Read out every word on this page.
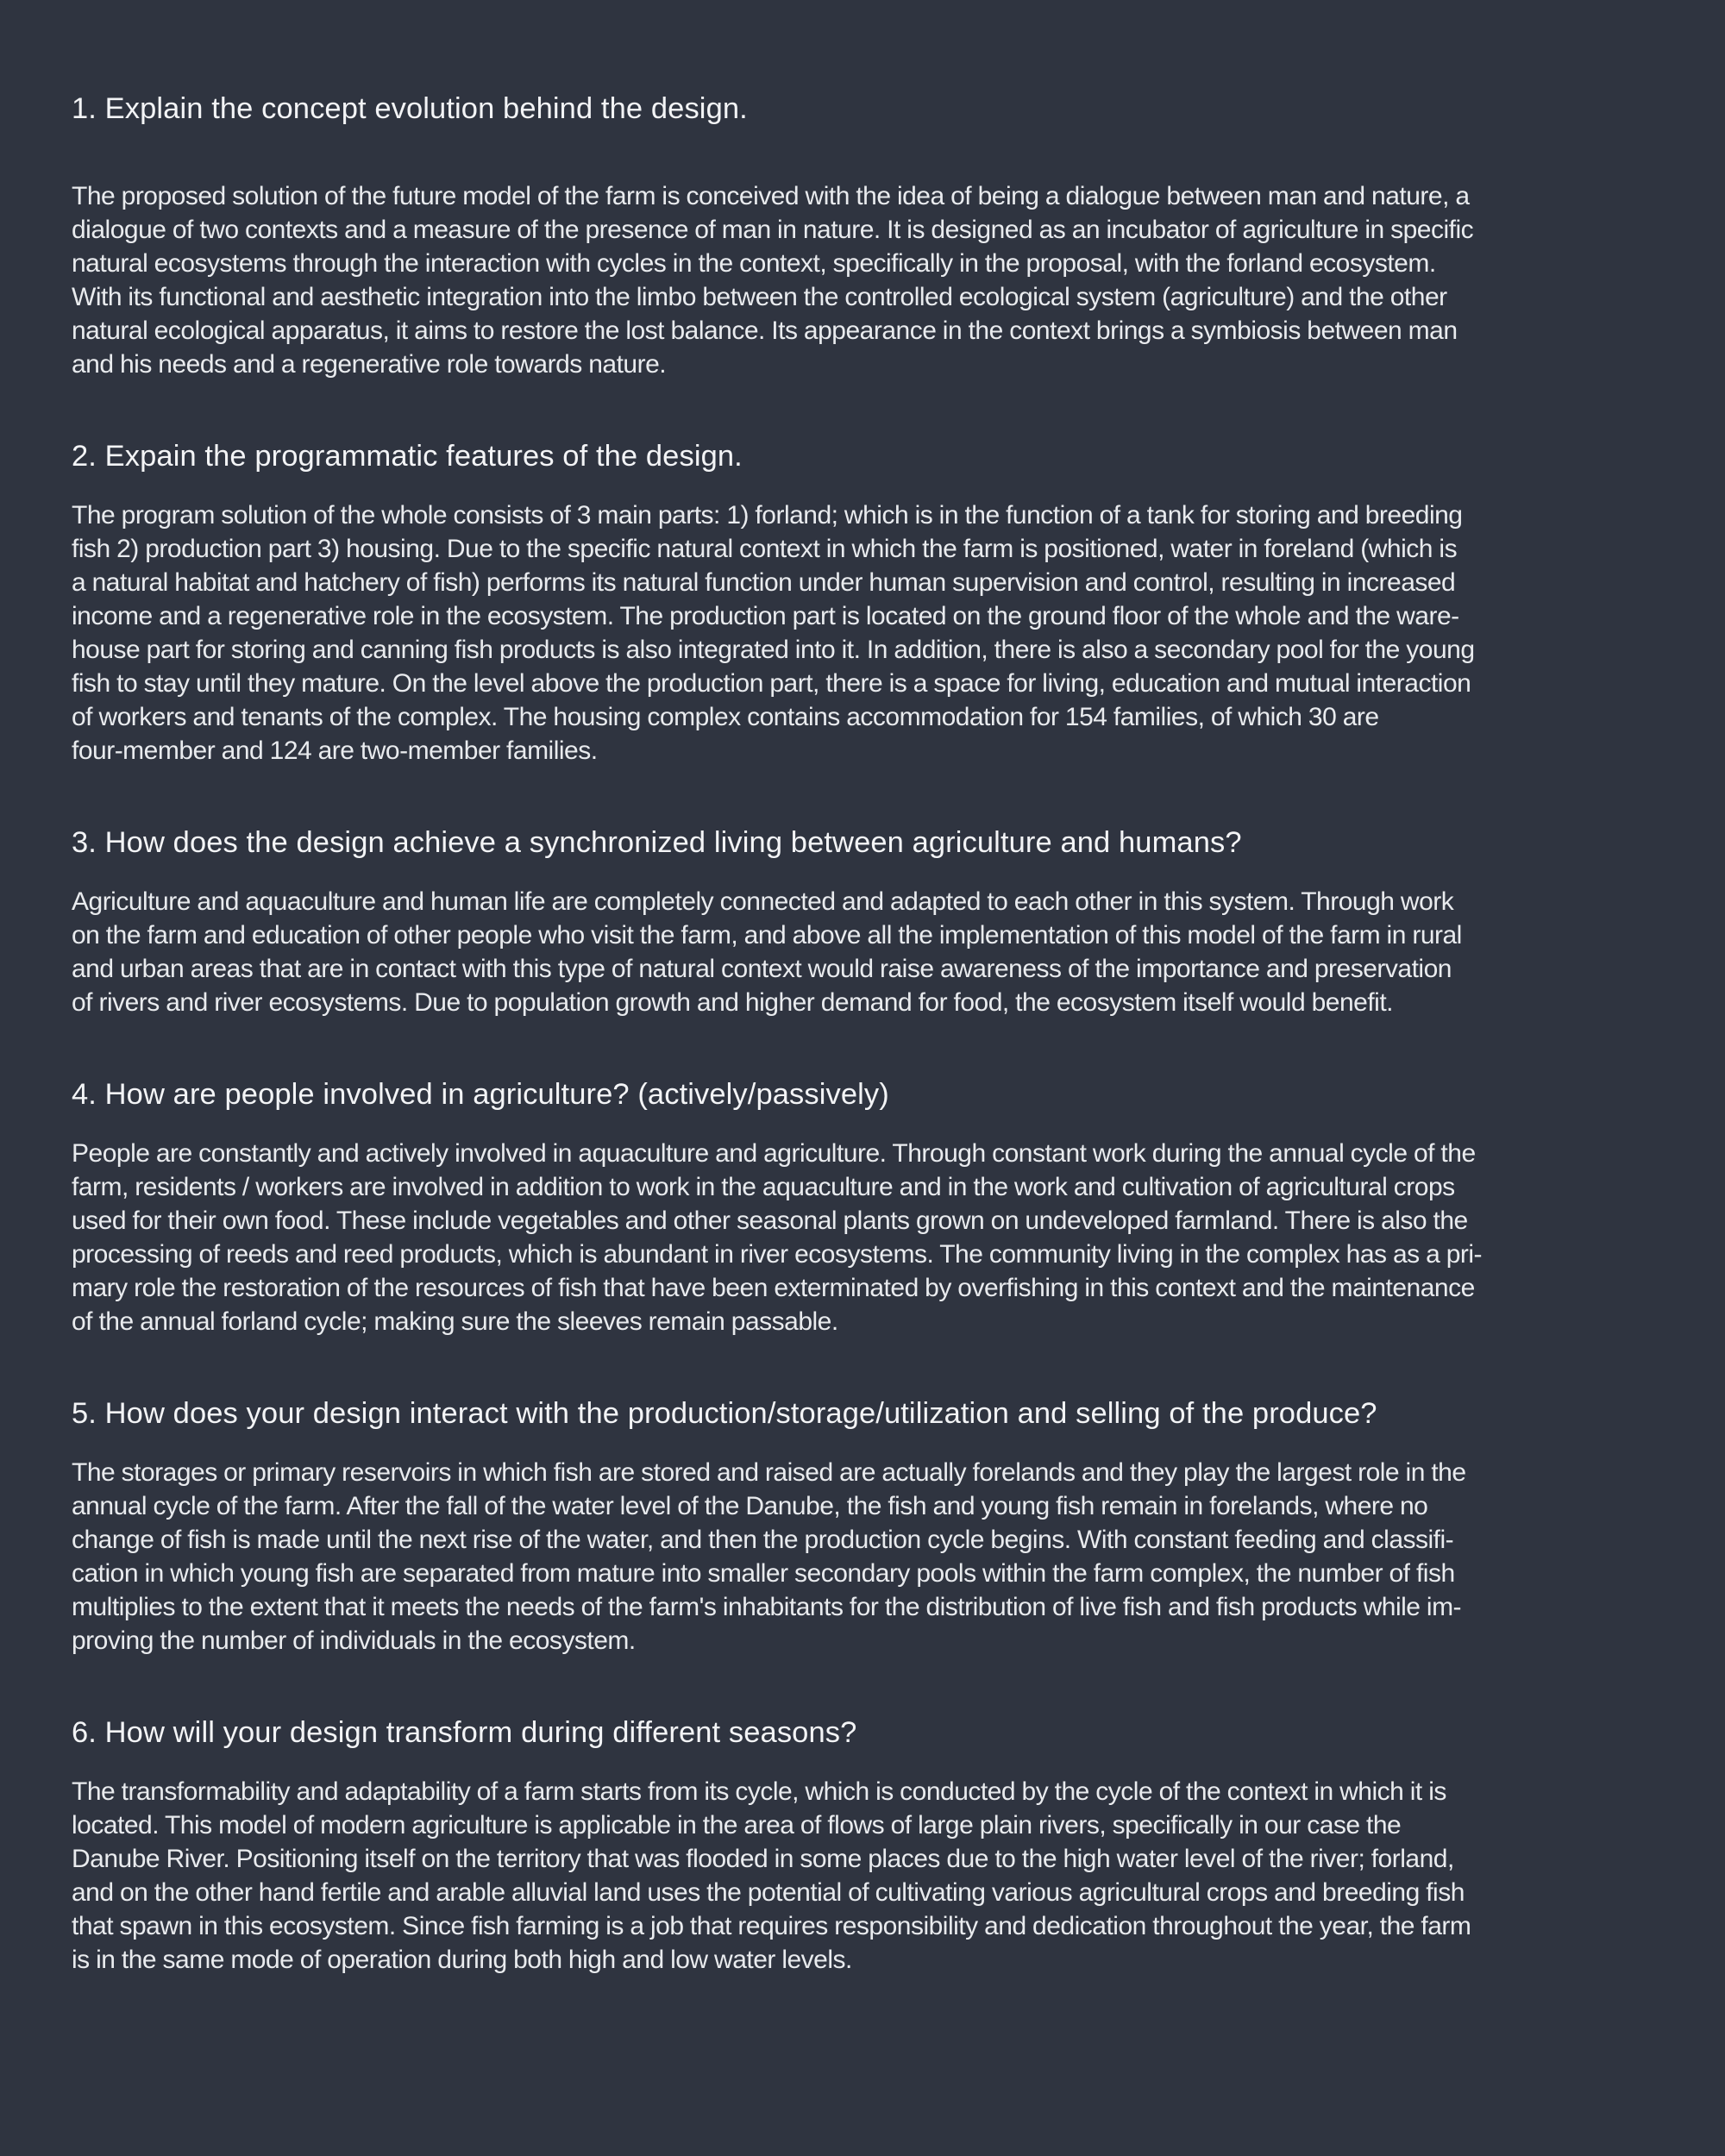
1. Explain the concept evolution behind the design.

The proposed solution of the future model of the farm is conceived with the idea of being a dialogue between man and nature, a
dialogue of two contexts and a measure of the presence of man in nature. It is designed as an incubator of agriculture in specific
natural ecosystems through the interaction with cycles in the context, specifically in the proposal, with the forland ecosystem.
With its functional and aesthetic integration into the limbo between the controlled ecological system (agriculture) and the other
natural ecological apparatus, it aims to restore the lost balance. Its appearance in the context brings a symbiosis between man
and his needs and a regenerative role towards nature.

2. Expain the programmatic features of the design.

The program solution of the whole consists of 3 main parts: 1) forland; which is in the function of a tank for storing and breeding
fish 2) production part 3) housing. Due to the specific natural context in which the farm is positioned, water in foreland (which is
a natural habitat and hatchery of fish) performs its natural function under human supervision and control, resulting in increased
income and a regenerative role in the ecosystem. The production part is located on the ground floor of the whole and the ware-
house part for storing and canning fish products is also integrated into it. In addition, there is also a secondary pool for the young
fish to stay until they mature. On the level above the production part, there is a space for living, education and mutual interaction
of workers and tenants of the complex. The housing complex contains accommodation for 154 families, of which 30 are
four-member and 124 are two-member families.

3. How does the design achieve a synchronized living between agriculture and humans?

Agriculture and aquaculture and human life are completely connected and adapted to each other in this system. Through work
on the farm and education of other people who visit the farm, and above all the implementation of this model of the farm in rural
and urban areas that are in contact with this type of natural context would raise awareness of the importance and preservation
of rivers and river ecosystems. Due to population growth and higher demand for food, the ecosystem itself would benefit.

4. How are people involved in agriculture? (actively/passively)

People are constantly and actively involved in aquaculture and agriculture. Through constant work during the annual cycle of the
farm, residents / workers are involved in addition to work in the aquaculture and in the work and cultivation of agricultural crops
used for their own food. These include vegetables and other seasonal plants grown on undeveloped farmland. There is also the
processing of reeds and reed products, which is abundant in river ecosystems. The community living in the complex has as a pri-
mary role the restoration of the resources of fish that have been exterminated by overfishing in this context and the maintenance
of the annual forland cycle; making sure the sleeves remain passable.

5. How does your design interact with the production/storage/utilization and selling of the produce?

The storages or primary reservoirs in which fish are stored and raised are actually forelands and they play the largest role in the
annual cycle of the farm. After the fall of the water level of the Danube, the fish and young fish remain in forelands, where no
change of fish is made until the next rise of the water, and then the production cycle begins. With constant feeding and classifi-
cation in which young fish are separated from mature into smaller secondary pools within the farm complex, the number of fish
multiplies to the extent that it meets the needs of the farm's inhabitants for the distribution of live fish and fish products while im-
proving the number of individuals in the ecosystem.

6. How will your design transform during different seasons?

The transformability and adaptability of a farm starts from its cycle, which is conducted by the cycle of the context in which it is
located. This model of modern agriculture is applicable in the area of flows of large plain rivers, specifically in our case the
Danube River. Positioning itself on the territory that was flooded in some places due to the high water level of the river; forland,
and on the other hand fertile and arable alluvial land uses the potential of cultivating various agricultural crops and breeding fish
that spawn in this ecosystem. Since fish farming is a job that requires responsibility and dedication throughout the year, the farm
is in the same mode of operation during both high and low water levels.
